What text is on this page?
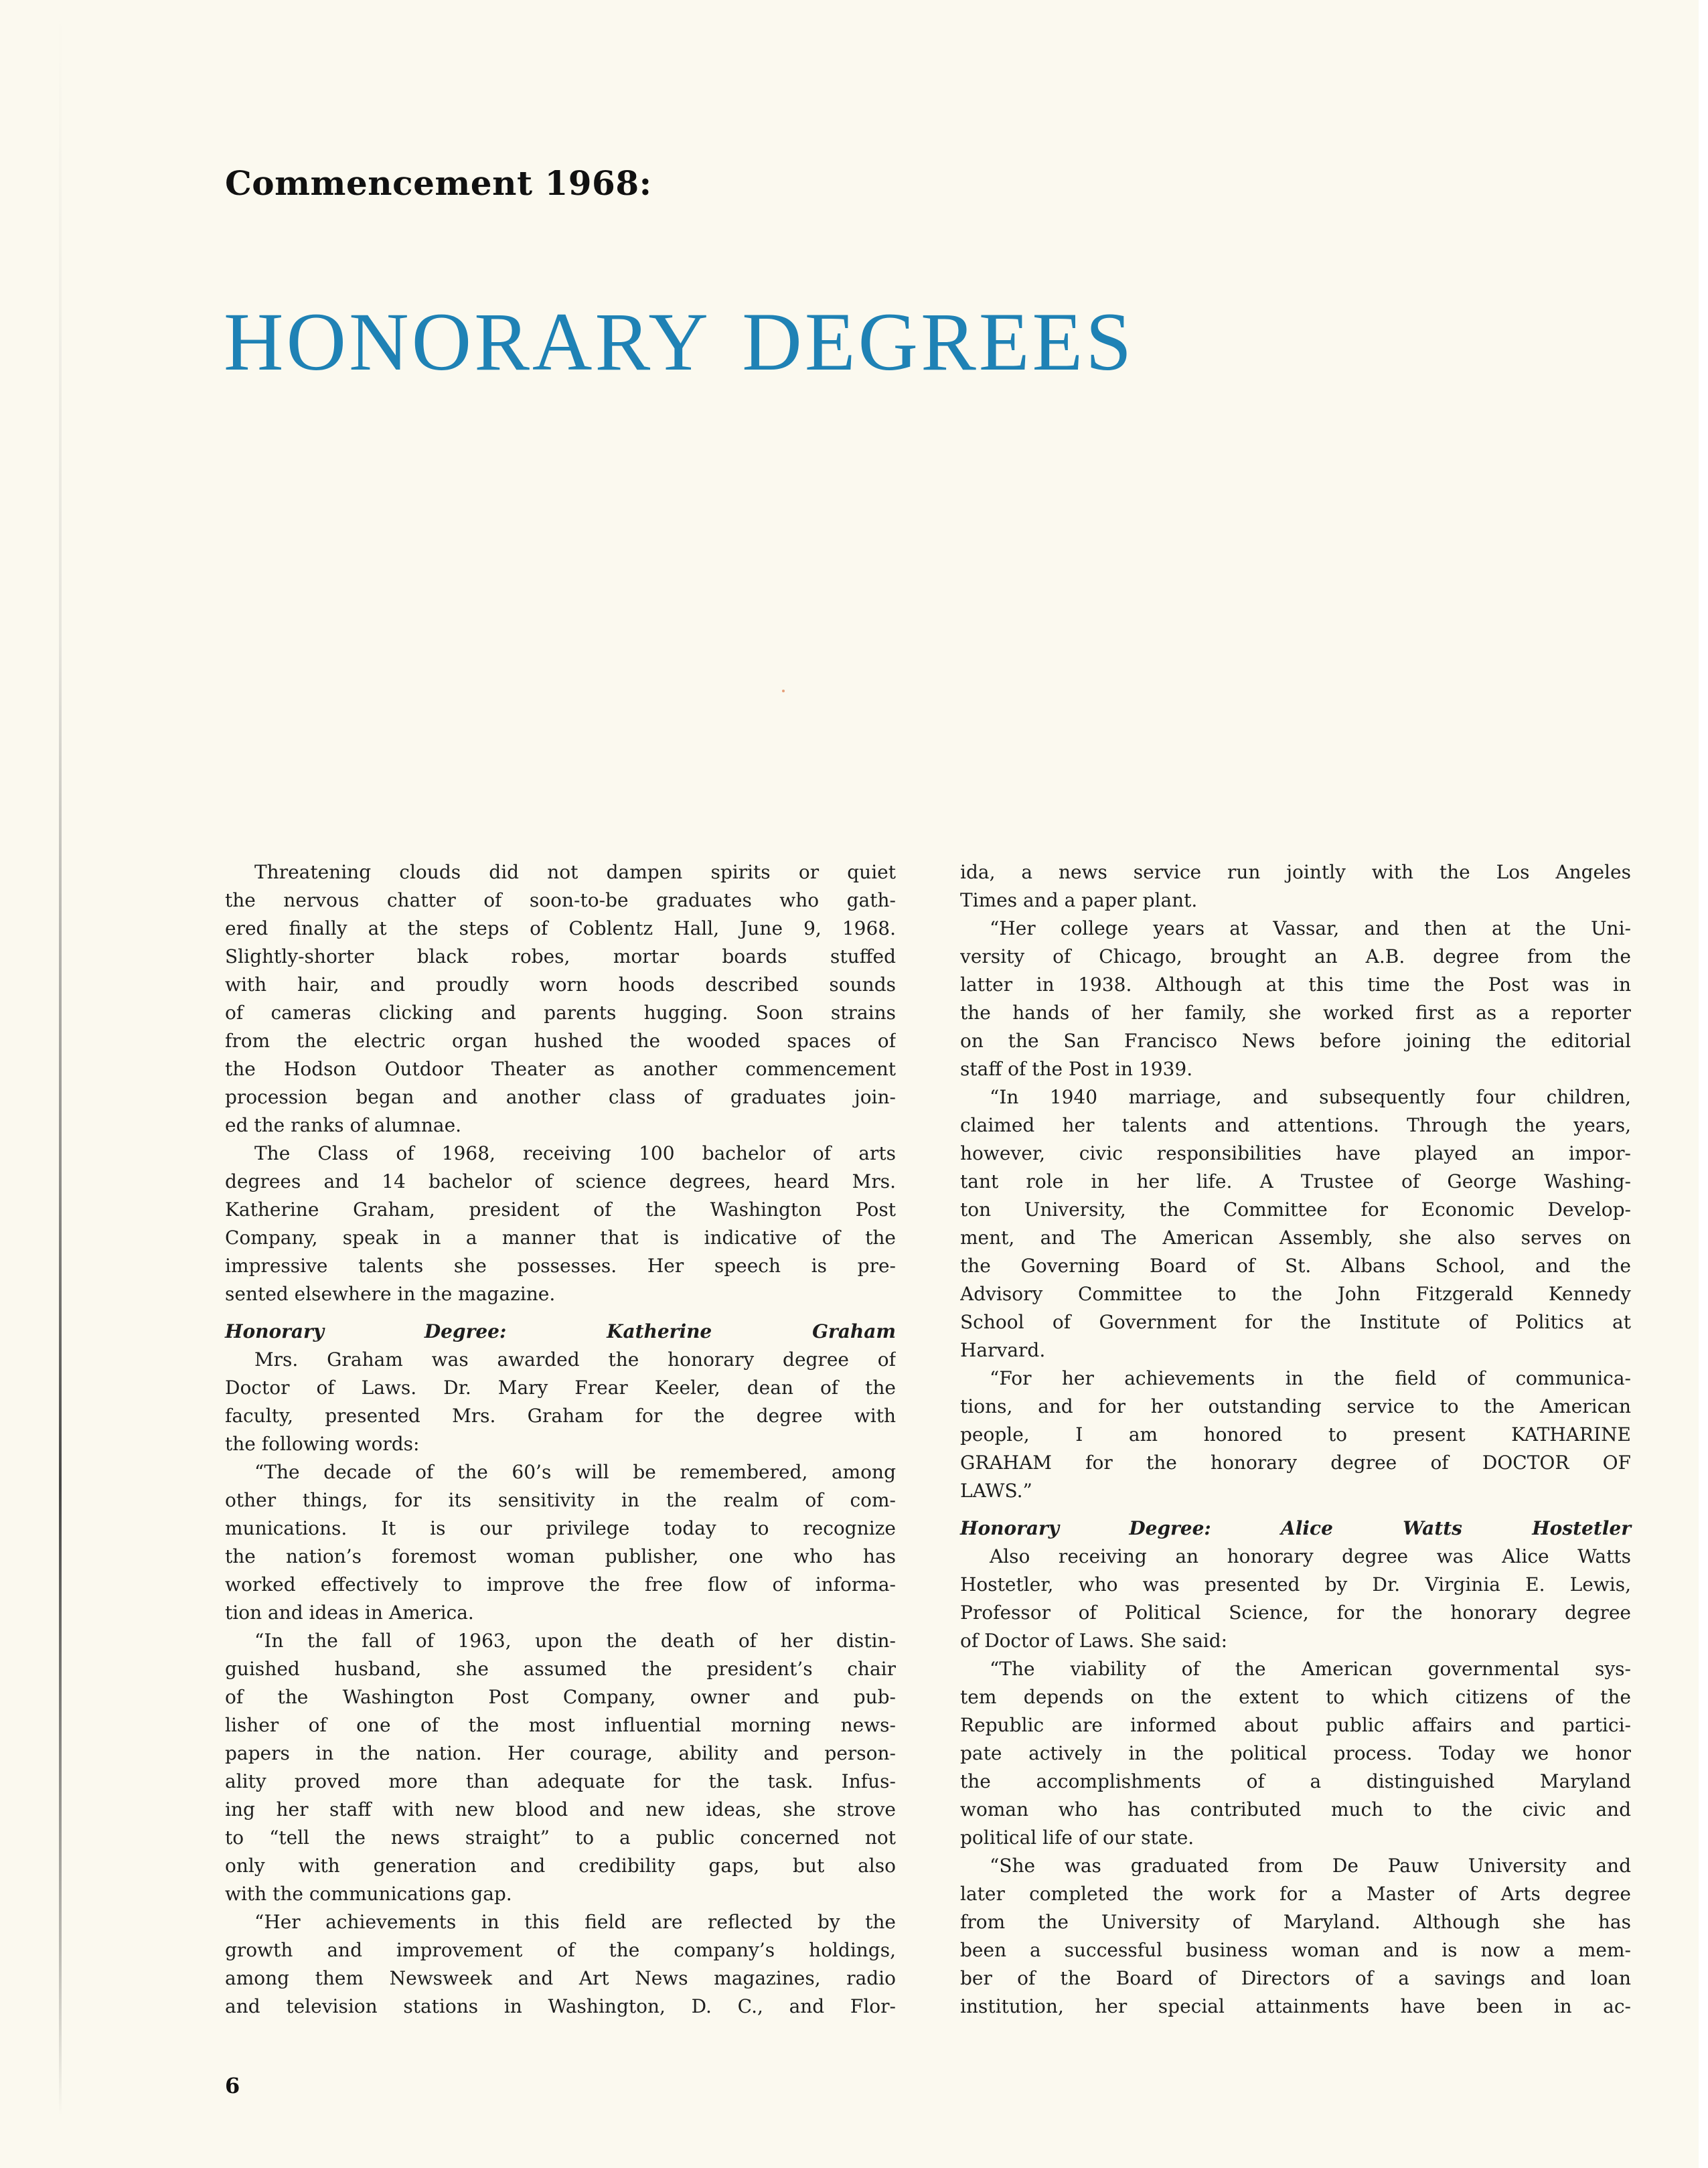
Commencement 1968:
HONORARY DEGREES

Threatening clouds did not dampen spirits or quiet

the nervous chatter of soon-to-be graduates who gath-

ered finally at the steps of Coblentz Hall, June 9, 1968.

Slightly-shorter black robes, mortar boards stuffed

with hair, and proudly worn hoods described sounds

of cameras clicking and parents hugging. Soon strains

from the electric organ hushed the wooded spaces of

the Hodson Outdoor Theater as another commencement

procession began and another class of graduates join-

ed the ranks of alumnae.

The Class of 1968, receiving 100 bachelor of arts

degrees and 14 bachelor of science degrees, heard Mrs.

Katherine Graham, president of the Washington Post

Company, speak in a manner that is indicative of the

impressive talents she possesses. Her speech is pre-

sented elsewhere in the magazine.

Honorary Degree: Katherine Graham

Mrs. Graham was awarded the honorary degree of

Doctor of Laws. Dr. Mary Frear Keeler, dean of the

faculty, presented Mrs. Graham for the degree with

the following words:

“The decade of the 60’s will be remembered, among

other things, for its sensitivity in the realm of com-

munications. It is our privilege today to recognize

the nation’s foremost woman publisher, one who has

worked effectively to improve the free flow of informa-

tion and ideas in America.

“In the fall of 1963, upon the death of her distin-

guished husband, she assumed the president’s chair

of the Washington Post Company, owner and pub-

lisher of one of the most influential morning news-

papers in the nation. Her courage, ability and person-

ality proved more than adequate for the task. Infus-

ing her staff with new blood and new ideas, she strove

to “tell the news straight” to a public concerned not

only with generation and credibility gaps, but also

with the communications gap.

“Her achievements in this field are reflected by the

growth and improvement of the company’s holdings,

among them Newsweek and Art News magazines, radio

and television stations in Washington, D. C., and Flor-

ida, a news service run jointly with the Los Angeles

Times and a paper plant.

“Her college years at Vassar, and then at the Uni-

versity of Chicago, brought an A.B. degree from the

latter in 1938. Although at this time the Post was in

the hands of her family, she worked first as a reporter

on the San Francisco News before joining the editorial

staff of the Post in 1939.

“In 1940 marriage, and subsequently four children,

claimed her talents and attentions. Through the years,

however, civic responsibilities have played an impor-

tant role in her life. A Trustee of George Washing-

ton University, the Committee for Economic Develop-

ment, and The American Assembly, she also serves on

the Governing Board of St. Albans School, and the

Advisory Committee to the John Fitzgerald Kennedy

School of Government for the Institute of Politics at

Harvard.

“For her achievements in the field of communica-

tions, and for her outstanding service to the American

people, I am honored to present KATHARINE

GRAHAM for the honorary degree of DOCTOR OF

LAWS.”

Honorary Degree: Alice Watts Hostetler

Also receiving an honorary degree was Alice Watts

Hostetler, who was presented by Dr. Virginia E. Lewis,

Professor of Political Science, for the honorary degree

of Doctor of Laws. She said:

“The viability of the American governmental sys-

tem depends on the extent to which citizens of the

Republic are informed about public affairs and partici-

pate actively in the political process. Today we honor

the accomplishments of a distinguished Maryland

woman who has contributed much to the civic and

political life of our state.

“She was graduated from De Pauw University and

later completed the work for a Master of Arts degree

from the University of Maryland. Although she has

been a successful business woman and is now a mem-

ber of the Board of Directors of a savings and loan

institution, her special attainments have been in ac-

6
